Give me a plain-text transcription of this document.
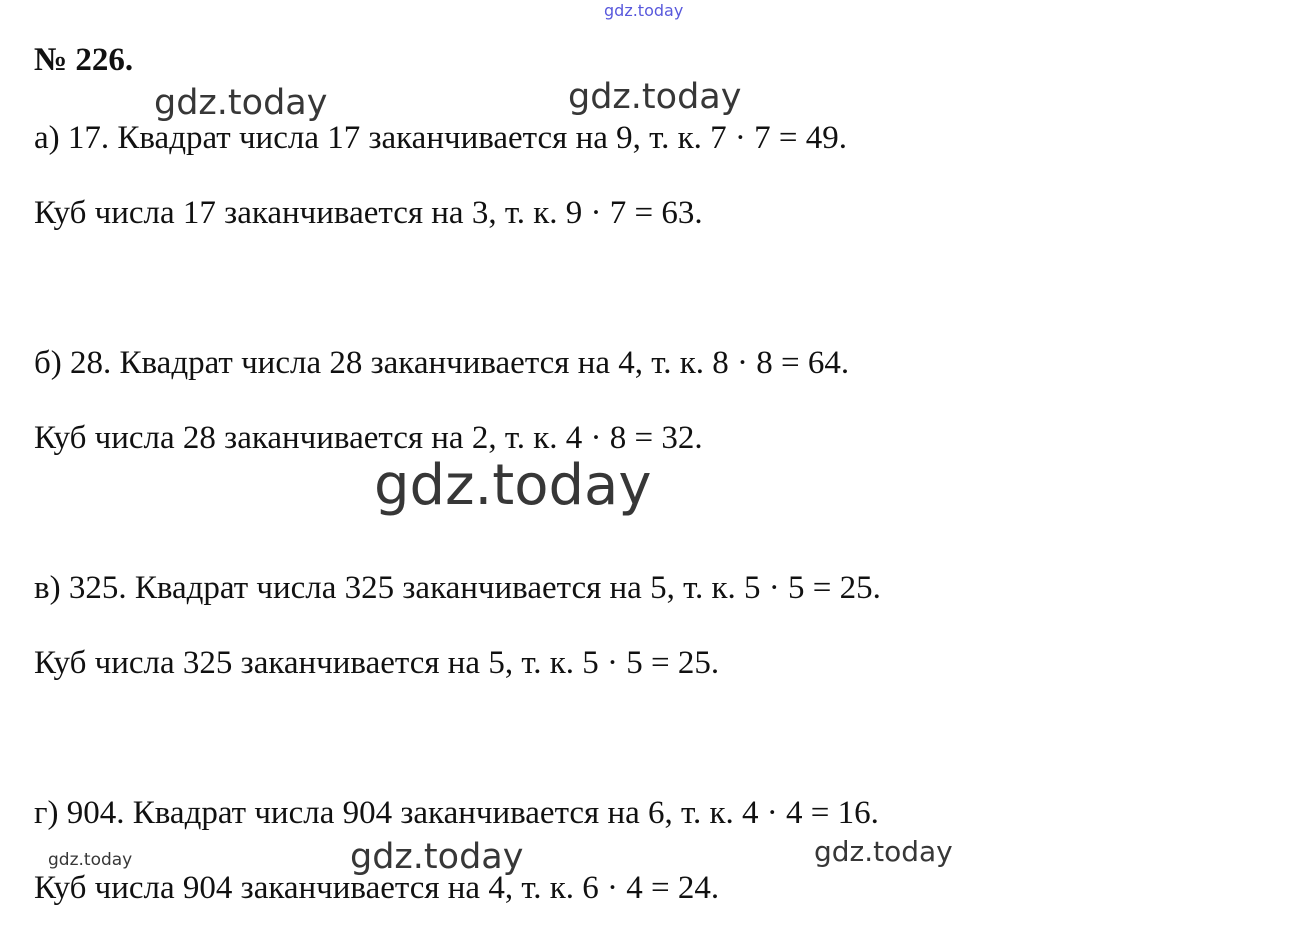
gdz.today
№ 226.
а) 17. Квадрат числа 17 заканчивается на 9, т. к. 7 · 7 = 49.
Куб числа 17 заканчивается на 3, т. к. 9 · 7 = 63.
б) 28. Квадрат числа 28 заканчивается на 4, т. к. 8 · 8 = 64.
Куб числа 28 заканчивается на 2, т. к. 4 · 8 = 32.
в) 325. Квадрат числа 325 заканчивается на 5, т. к. 5 · 5 = 25.
Куб числа 325 заканчивается на 5, т. к. 5 · 5 = 25.
г) 904. Квадрат числа 904 заканчивается на 6, т. к. 4 · 4 = 16.
Куб числа 904 заканчивается на 4, т. к. 6 · 4 = 24.
gdz.today	gdz.today
gdz.today
gdz.today	gdz.today	gdz.today
